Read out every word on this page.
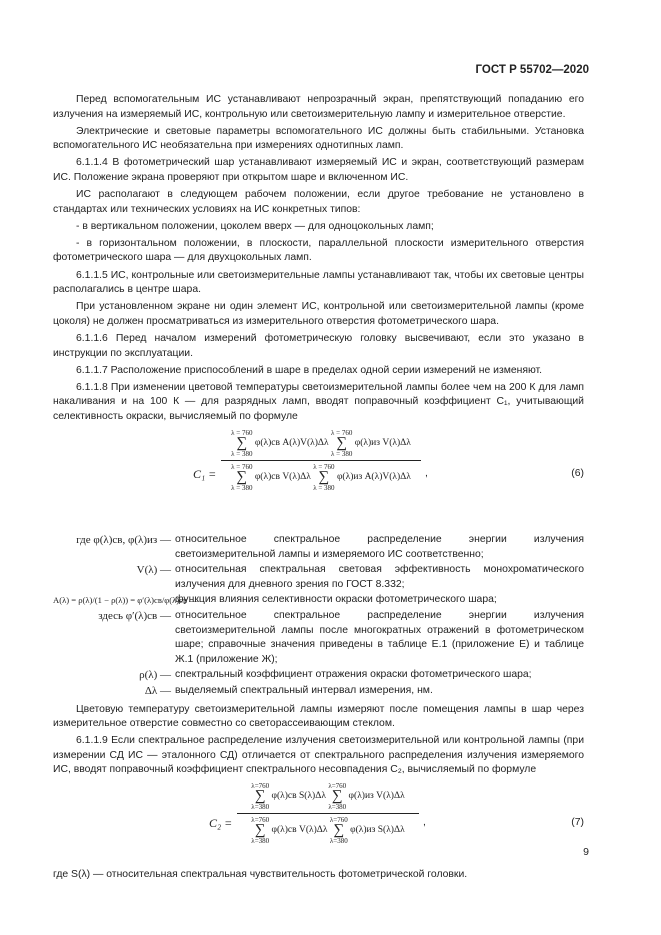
ГОСТ Р 55702—2020

Перед вспомогательным ИС устанавливают непрозрачный экран, препятствующий попаданию его излучения на измеряемый ИС, контрольную или светоизмерительную лампу и измерительное отверстие.

Электрические и световые параметры вспомогательного ИС должны быть стабильными. Установка вспомогательного ИС необязательна при измерениях однотипных ламп.

6.1.1.4 В фотометрический шар устанавливают измеряемый ИС и экран, соответствующий размерам ИС. Положение экрана проверяют при открытом шаре и включенном ИС.

ИС располагают в следующем рабочем положении, если другое требование не установлено в стандартах или технических условиях на ИС конкретных типов:

- в вертикальном положении, цоколем вверх — для одноцокольных ламп;

- в горизонтальном положении, в плоскости, параллельной плоскости измерительного отверстия фотометрического шара — для двухцокольных ламп.

6.1.1.5 ИС, контрольные или светоизмерительные лампы устанавливают так, чтобы их световые центры располагались в центре шара.

При установленном экране ни один элемент ИС, контрольной или светоизмерительной лампы (кроме цоколя) не должен просматриваться из измерительного отверстия фотометрического шара.

6.1.1.6 Перед началом измерений фотометрическую головку высвечивают, если это указано в инструкции по эксплуатации.

6.1.1.7 Расположение приспособлений в шаре в пределах одной серии измерений не изменяют.

6.1.1.8 При изменении цветовой температуры светоизмерительной лампы более чем на 200 К для ламп накаливания и на 100 К — для разрядных ламп, вводят поправочный коэффициент C₁, учитывающий селективность окраски, вычисляемый по формуле

C₁ =
λ = 760
∑
λ = 380
φ(λ)св A(λ)V(λ)Δλ
λ = 760
∑
λ = 380
φ(λ)из V(λ)Δλ
λ = 760
∑
λ = 380
φ(λ)св V(λ)Δλ
λ = 760
∑
λ = 380
φ(λ)из A(λ)V(λ)Δλ	,	(6)
где φ(λ)св, φ(λ)из — относительное спектральное распределение энергии излучения светоизмерительной лампы и измеряемого ИС соответственно;
V(λ) — относительная спектральная световая эффективность монохроматического излучения для дневного зрения по ГОСТ 8.332;
A(λ) = ρ(λ)/(1 − ρ(λ)) = φ′(λ)св/φ(λ)св —
функция влияния селективности окраски фотометрического шара;
здесь φ′(λ)св — относительное спектральное распределение энергии излучения светоизмерительной лампы после многократных отражений в фотометрическом шаре; справочные значения приведены в таблице Е.1 (приложение Е) и таблице Ж.1 (приложение Ж);
ρ(λ) — спектральный коэффициент отражения окраски фотометрического шара;
Δλ — выделяемый спектральный интервал измерения, нм.

Цветовую температуру светоизмерительной лампы измеряют после помещения лампы в шар через измерительное отверстие совместно со светорассеивающим стеклом.

6.1.1.9 Если спектральное распределение излучения светоизмерительной или контрольной лампы (при измерении СД ИС — эталонного СД) отличается от спектрального распределения излучения измеряемого ИС, вводят поправочный коэффициент спектрального несовпадения C₂, вычисляемый по формуле

C₂ =
λ=760
∑
λ=380
φ(λ)св S(λ)Δλ
λ=760
∑
λ=380
φ(λ)из V(λ)Δλ
λ=760
∑
λ=380
φ(λ)св V(λ)Δλ
λ=760
∑
λ=380
φ(λ)из S(λ)Δλ
,	(7)

где S(λ) — относительная спектральная чувствительность фотометрической головки.

9
